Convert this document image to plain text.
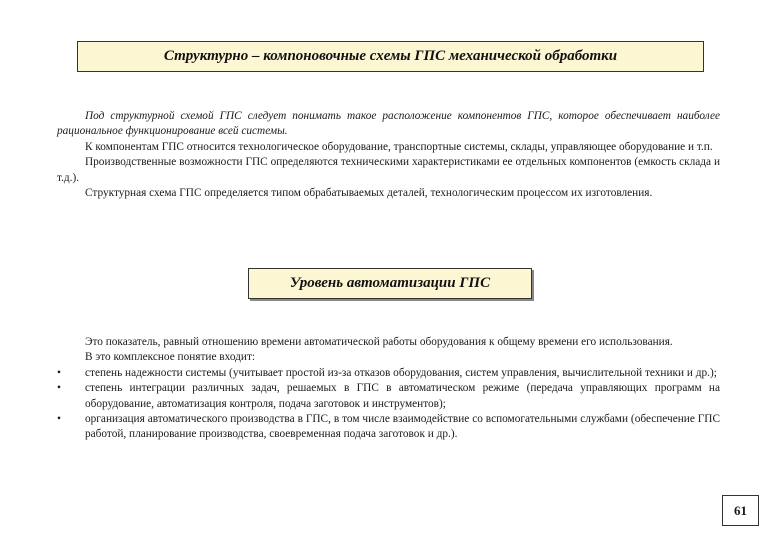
Структурно – компоновочные схемы ГПС механической обработки

Под структурной схемой ГПС следует понимать такое расположение компонентов ГПС, которое обеспечивает наиболее рациональное функционирование всей системы.

К компонентам ГПС относится технологическое оборудование, транспортные системы, склады, управляющее оборудование и т.п.

Производственные возможности ГПС определяются техническими характеристиками ее отдельных компонентов (емкость склада и т.д.).

Структурная схема ГПС определяется типом обрабатываемых деталей, технологическим процессом их изготовления.

Уровень автоматизации ГПС

Это показатель, равный отношению времени автоматической работы оборудования к общему времени его использования.

В это комплексное понятие входит:

•	степень надежности системы (учитывает простой из-за отказов оборудования, систем управления, вычислительной техники и др.);
•	степень интеграции различных задач, решаемых в ГПС в автоматическом режиме (передача управляющих программ на оборудование, автоматизация контроля, подача заготовок и инструментов);
•	организация автоматического производства в ГПС, в том числе взаимодействие со вспомогательными службами (обеспечение ГПС работой, планирование производства, своевременная подача заготовок и др.).
61
